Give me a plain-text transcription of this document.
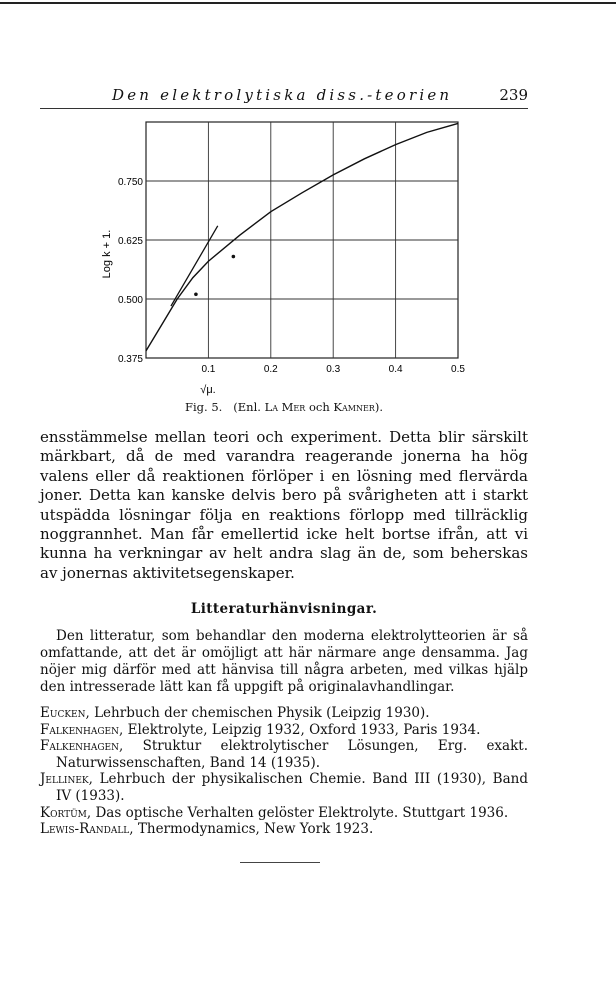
Den elektrolytiska diss.-teorien	239
0.1	0.2	0.3	0.4	0.5
0.375
0.500
0.625
0.750
Log k + 1.
√μ.
Fig. 5. (Enl. La Mer och Kamner).
ensstämmelse mellan teori och experiment. Detta blir särskilt märkbart, då de med varandra reagerande jonerna ha hög valens eller då reaktionen förlöper i en lösning med flervärda joner. Detta kan kanske delvis bero på svårigheten att i starkt utspädda lösningar följa en reaktions förlopp med tillräcklig noggrannhet. Man får emellertid icke helt bortse ifrån, att vi kunna ha verkningar av helt andra slag än de, som beherskas av jonernas aktivitetsegenskaper.
Litteraturhänvisningar.
Den litteratur, som behandlar den moderna elektrolytteorien är så omfattande, att det är omöjligt att här närmare ange densamma. Jag nöjer mig därför med att hänvisa till några arbeten, med vilkas hjälp den intresserade lätt kan få uppgift på originalavhandlingar.
Eucken, Lehrbuch der chemischen Physik (Leipzig 1930).
Falkenhagen, Elektrolyte, Leipzig 1932, Oxford 1933, Paris 1934.
Falkenhagen, Struktur elektrolytischer Lösungen, Erg. exakt. Naturwissenschaften, Band 14 (1935).
Jellinek, Lehrbuch der physikalischen Chemie. Band III (1930), Band IV (1933).
Kortüm, Das optische Verhalten gelöster Elektrolyte. Stuttgart 1936.
Lewis-Randall, Thermodynamics, New York 1923.
